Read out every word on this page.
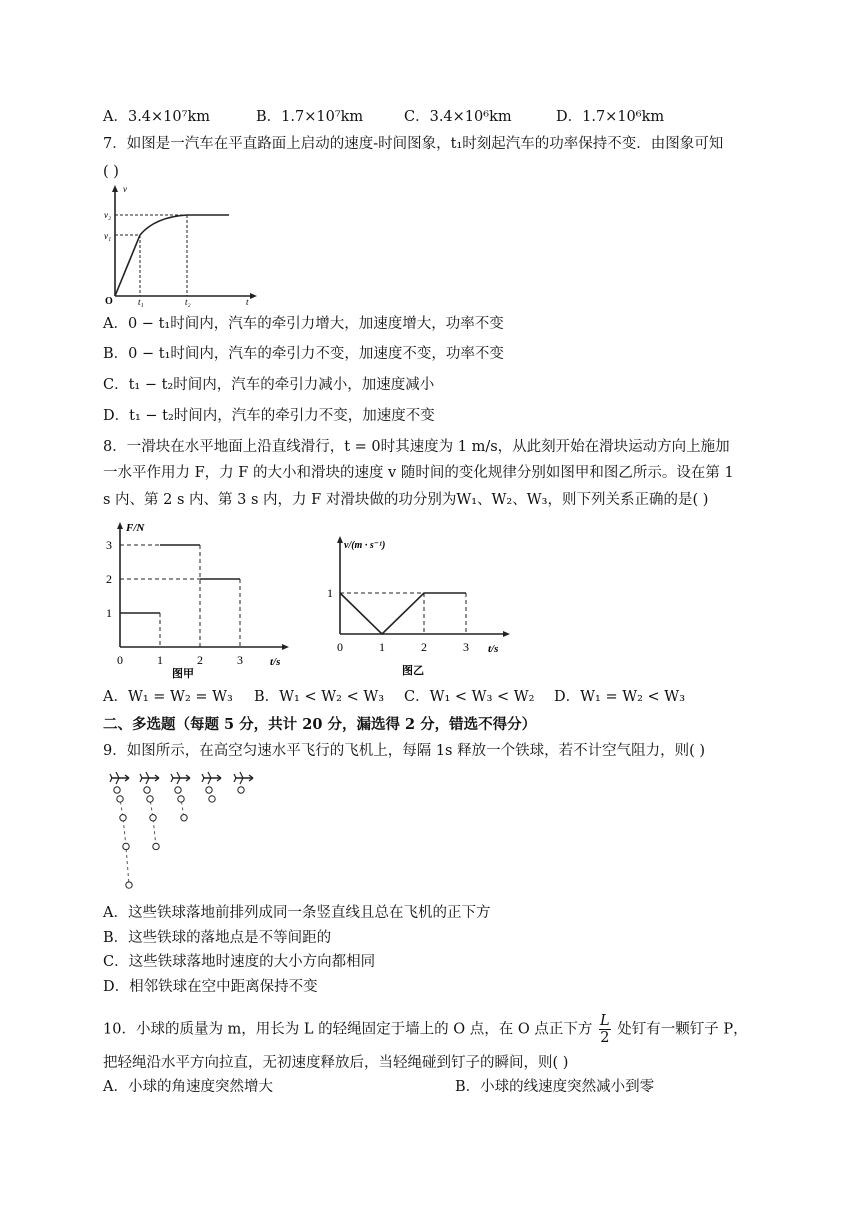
A．3.4×10⁷km	B．1.7×10⁷km	C．3.4×10⁶km	D．1.7×10⁶km
7．如图是一汽车在平直路面上启动的速度-时间图象，t₁时刻起汽车的功率保持不变．由图象可知
( )
v
v₂
v₁
O	t₁	t₂	t
A．0 − t₁时间内，汽车的牵引力增大，加速度增大，功率不变
B．0 − t₁时间内，汽车的牵引力不变，加速度不变，功率不变
C．t₁ − t₂时间内，汽车的牵引力减小，加速度减小
D．t₁ − t₂时间内，汽车的牵引力不变，加速度不变
8．一滑块在水平地面上沿直线滑行，t = 0时其速度为 1 m/s，从此刻开始在滑块运动方向上施加
一水平作用力 F，力 F 的大小和滑块的速度 v 随时间的变化规律分别如图甲和图乙所示。设在第 1
s 内、第 2 s 内、第 3 s 内，力 F 对滑块做的功分别为W₁、W₂、W₃，则下列关系正确的是( )
F/N
t/s
图甲
0	1	2	3
1
2
3	v/(m · s⁻¹)
t/s
图乙
0	1	2	3
1
A．W₁ = W₂ = W₃ B．W₁ < W₂ < W₃ C．W₁ < W₃ < W₂ D．W₁ = W₂ < W₃
二、多选题（每题 5 分，共计 20 分，漏选得 2 分，错选不得分）
9．如图所示，在高空匀速水平飞行的飞机上，每隔 1s 释放一个铁球，若不计空气阻力，则( )
A．这些铁球落地前排列成同一条竖直线且总在飞机的正下方
B．这些铁球的落地点是不等间距的
C．这些铁球落地时速度的大小方向都相同
D．相邻铁球在空中距离保持不变
10．小球的质量为 m，用长为 L 的轻绳固定于墙上的 O 点，在 O 点正下方 $\frac{L}{2}$ 处钉有一颗钉子 P，
把轻绳沿水平方向拉直，无初速度释放后，当轻绳碰到钉子的瞬间，则( )
A．小球的角速度突然增大	B．小球的线速度突然减小到零
